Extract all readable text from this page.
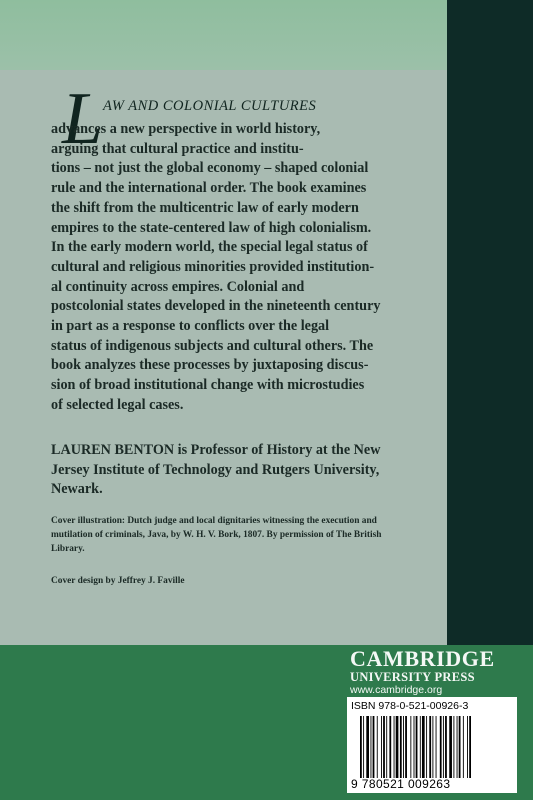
L AW AND COLONIAL CULTURES
advances a new perspective in world history,
arguing that cultural practice and institu-
tions – not just the global economy – shaped colonial
rule and the international order. The book examines
the shift from the multicentric law of early modern
empires to the state-centered law of high colonialism.
In the early modern world, the special legal status of
cultural and religious minorities provided institution-
al continuity across empires. Colonial and
postcolonial states developed in the nineteenth century
in part as a response to conflicts over the legal
status of indigenous subjects and cultural others. The
book analyzes these processes by juxtaposing discus-
sion of broad institutional change with microstudies
of selected legal cases.
LAUREN BENTON is Professor of History at the New
Jersey Institute of Technology and Rutgers University,
Newark.
Cover illustration: Dutch judge and local dignitaries witnessing the execution and
mutilation of criminals, Java, by W. H. V. Bork, 1807. By permission of The British
Library.
Cover design by Jeffrey J. Faville
CAMBRIDGE
UNIVERSITY PRESS
www.cambridge.org
ISBN 978-0-521-00926-3
9 780521 009263
